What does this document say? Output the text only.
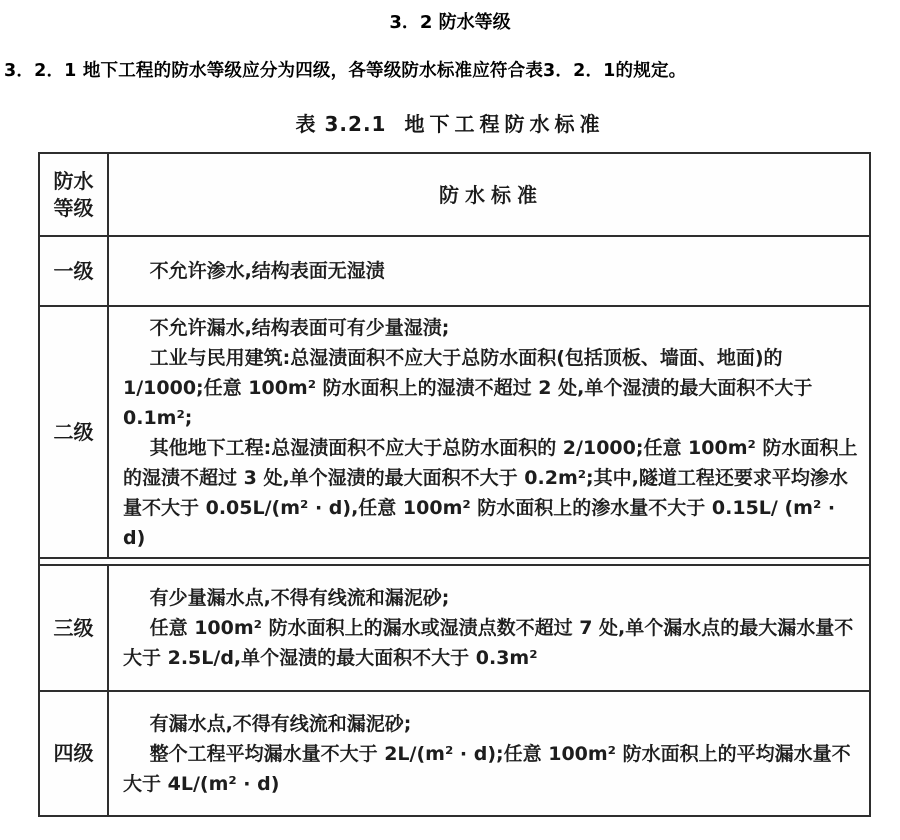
3．2 防水等级
3．2．1 地下工程的防水等级应分为四级，各等级防水标准应符合表3．2．1的规定。
表 3.2.1 地下工程防水标准
防水
等级
防水标准
一级	不允许渗水,结构表面无湿渍
二级
不允许漏水,结构表面可有少量湿渍;
工业与民用建筑:总湿渍面积不应大于总防水面积(包括顶板、墙面、地面)的 1/1000;任意 100m² 防水面积上的湿渍不超过 2 处,单个湿渍的最大面积不大于 0.1m²;
其他地下工程:总湿渍面积不应大于总防水面积的 2/1000;任意 100m² 防水面积上的湿渍不超过 3 处,单个湿渍的最大面积不大于 0.2m²;其中,隧道工程还要求平均渗水量不大于 0.05L/(m² · d),任意 100m² 防水面积上的渗水量不大于 0.15L/ (m² · d)
三级
有少量漏水点,不得有线流和漏泥砂;
任意 100m² 防水面积上的漏水或湿渍点数不超过 7 处,单个漏水点的最大漏水量不大于 2.5L/d,单个湿渍的最大面积不大于 0.3m²
四级
有漏水点,不得有线流和漏泥砂;
整个工程平均漏水量不大于 2L/(m² · d);任意 100m² 防水面积上的平均漏水量不大于 4L/(m² · d)
